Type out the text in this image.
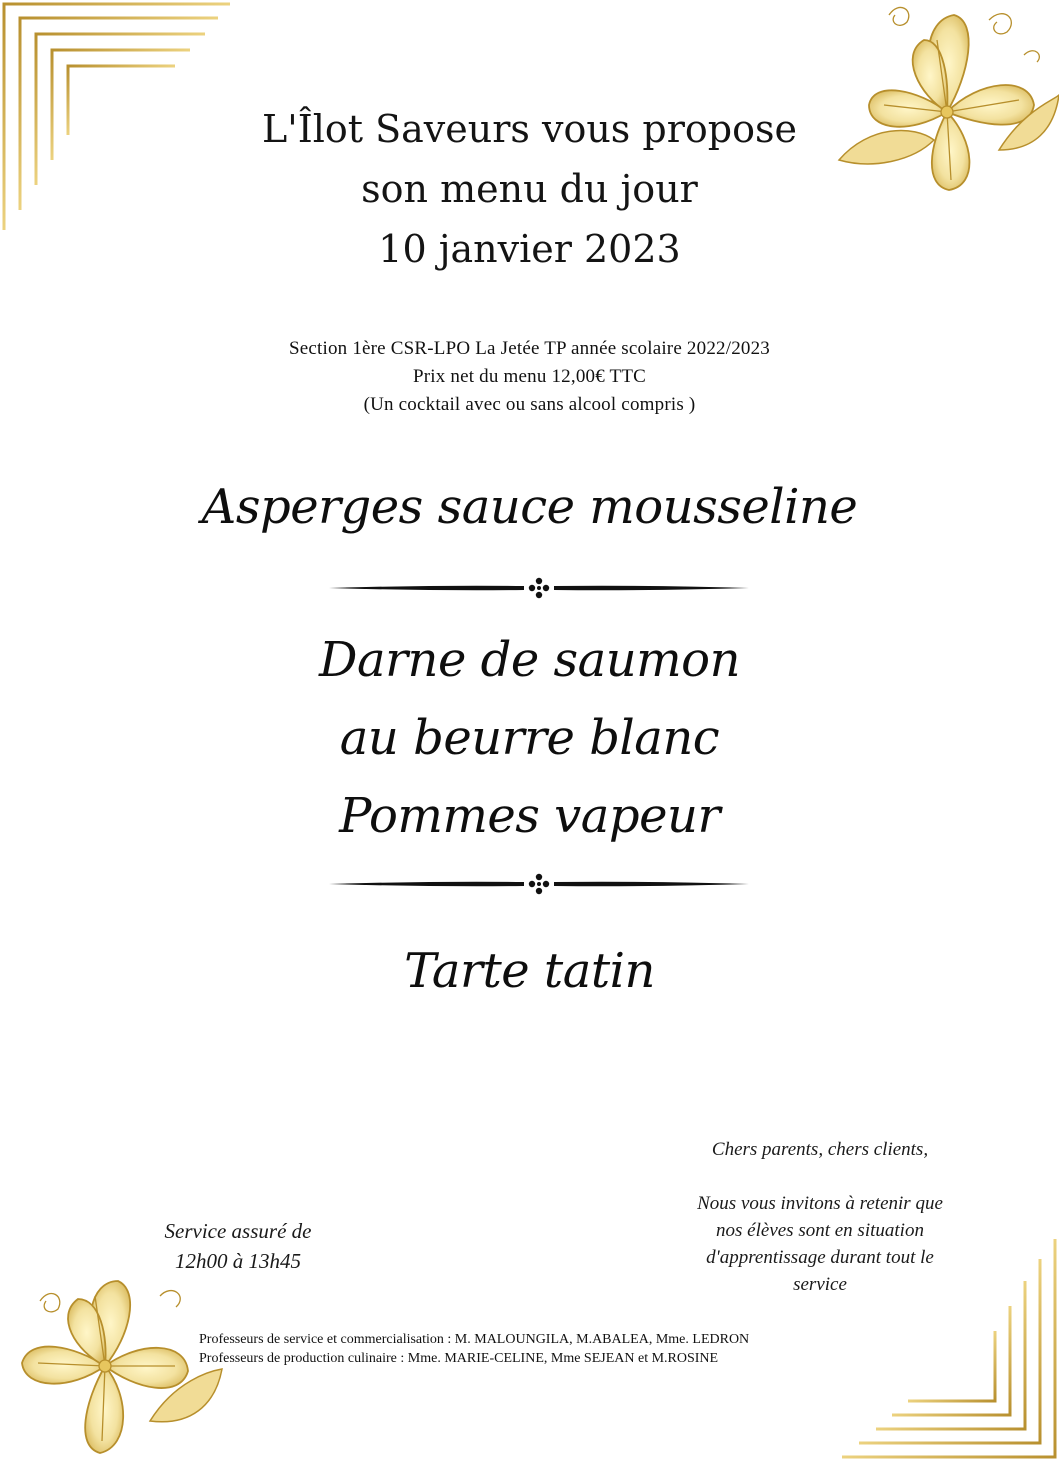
L'Îlot Saveurs vous propose
son menu du jour
10 janvier 2023
Section 1ère CSR-LPO La Jetée TP année scolaire 2022/2023
Prix net du menu 12,00€ TTC
(Un cocktail avec ou sans alcool compris )
Asperges sauce mousseline
Darne de saumon
au beurre blanc
Pommes vapeur
Tarte tatin
Chers parents, chers clients,
Nous vous invitons à retenir que
nos élèves sont en situation
d'apprentissage durant tout le
service
Service assuré de
12h00 à 13h45
Professeurs de service et commercialisation : M. MALOUNGILA, M.ABALEA, Mme. LEDRON
Professeurs de production culinaire : Mme. MARIE-CELINE, Mme SEJEAN et M.ROSINE
